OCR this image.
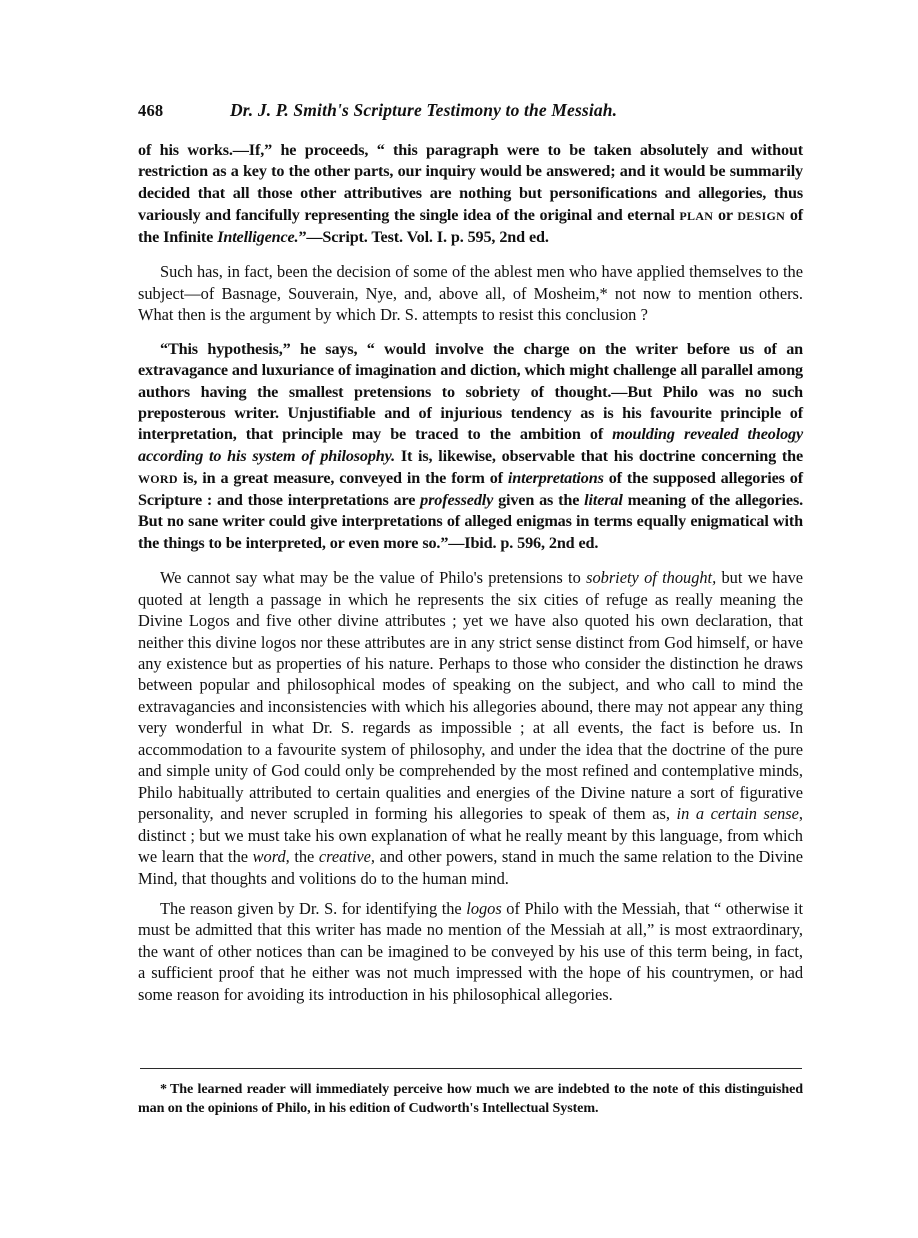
468	Dr. J. P. Smith's Scripture Testimony to the Messiah.

of his works.—If,” he proceeds, “ this paragraph were to be taken absolutely and without restriction as a key to the other parts, our inquiry would be answered; and it would be summarily decided that all those other attributives are nothing but personifications and allegories, thus variously and fancifully representing the single idea of the original and eternal plan or design of the Infinite Intelligence.”—Script. Test. Vol. I. p. 595, 2nd ed.

Such has, in fact, been the decision of some of the ablest men who have applied themselves to the subject—of Basnage, Souverain, Nye, and, above all, of Mosheim,* not now to mention others. What then is the argument by which Dr. S. attempts to resist this conclusion ?

“This hypothesis,” he says, “ would involve the charge on the writer before us of an extravagance and luxuriance of imagination and diction, which might challenge all parallel among authors having the smallest pretensions to sobriety of thought.—But Philo was no such preposterous writer. Unjustifiable and of injurious tendency as is his favourite principle of interpretation, that principle may be traced to the ambition of moulding revealed theology according to his system of philosophy. It is, likewise, observable that his doctrine concerning the word is, in a great measure, conveyed in the form of interpretations of the supposed allegories of Scripture : and those interpretations are professedly given as the literal meaning of the allegories. But no sane writer could give interpretations of alleged enigmas in terms equally enigmatical with the things to be interpreted, or even more so.”—Ibid. p. 596, 2nd ed.

We cannot say what may be the value of Philo's pretensions to sobriety of thought, but we have quoted at length a passage in which he represents the six cities of refuge as really meaning the Divine Logos and five other divine attributes ; yet we have also quoted his own declaration, that neither this divine logos nor these attributes are in any strict sense distinct from God himself, or have any existence but as properties of his nature. Perhaps to those who consider the distinction he draws between popular and philosophical modes of speaking on the subject, and who call to mind the extravagancies and inconsistencies with which his allegories abound, there may not appear any thing very wonderful in what Dr. S. regards as impossible ; at all events, the fact is before us. In accommodation to a favourite system of philosophy, and under the idea that the doctrine of the pure and simple unity of God could only be comprehended by the most refined and contemplative minds, Philo habitually attributed to certain qualities and energies of the Divine nature a sort of figurative personality, and never scrupled in forming his allegories to speak of them as, in a certain sense, distinct ; but we must take his own explanation of what he really meant by this language, from which we learn that the word, the creative, and other powers, stand in much the same relation to the Divine Mind, that thoughts and volitions do to the human mind.

The reason given by Dr. S. for identifying the logos of Philo with the Messiah, that “ otherwise it must be admitted that this writer has made no mention of the Messiah at all,” is most extraordinary, the want of other notices than can be imagined to be conveyed by his use of this term being, in fact, a sufficient proof that he either was not much impressed with the hope of his countrymen, or had some reason for avoiding its introduction in his philosophical allegories.

* The learned reader will immediately perceive how much we are indebted to the note of this distinguished man on the opinions of Philo, in his edition of Cudworth's Intellectual System.
